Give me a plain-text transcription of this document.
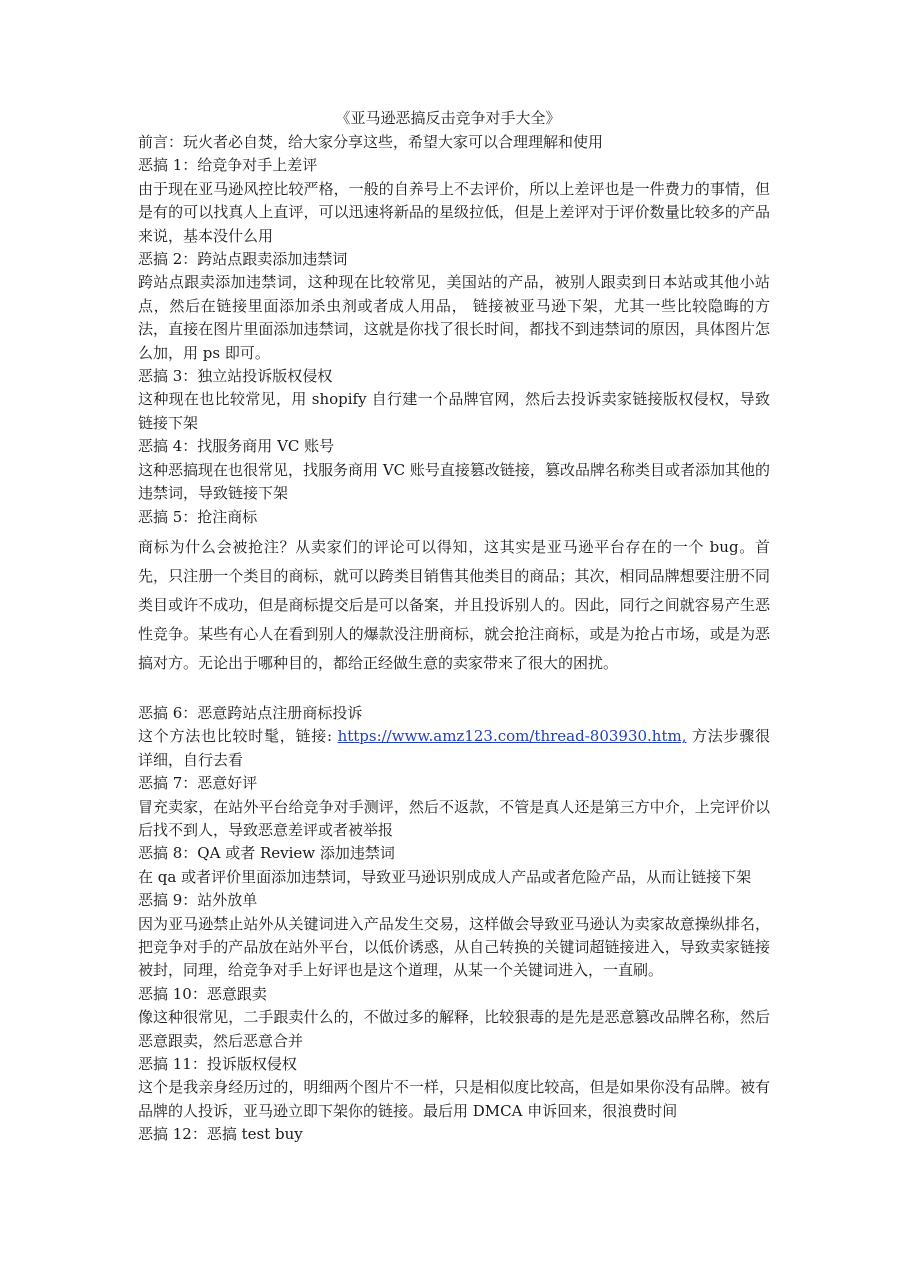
《亚马逊恶搞反击竞争对手大全》

前言：玩火者必自焚，给大家分享这些，希望大家可以合理理解和使用

恶搞 1：给竞争对手上差评

由于现在亚马逊风控比较严格，一般的自养号上不去评价，所以上差评也是一件费力的事情，但是有的可以找真人上直评，可以迅速将新品的星级拉低，但是上差评对于评价数量比较多的产品来说，基本没什么用

恶搞 2：跨站点跟卖添加违禁词

跨站点跟卖添加违禁词，这种现在比较常见，美国站的产品，被别人跟卖到日本站或其他小站点，然后在链接里面添加杀虫剂或者成人用品， 链接被亚马逊下架，尤其一些比较隐晦的方法，直接在图片里面添加违禁词，这就是你找了很长时间，都找不到违禁词的原因，具体图片怎么加，用 ps 即可。

恶搞 3：独立站投诉版权侵权

这种现在也比较常见，用 shopify 自行建一个品牌官网，然后去投诉卖家链接版权侵权，导致链接下架

恶搞 4：找服务商用 VC 账号

这种恶搞现在也很常见，找服务商用 VC 账号直接篡改链接，篡改品牌名称类目或者添加其他的违禁词，导致链接下架

恶搞 5：抢注商标

商标为什么会被抢注？从卖家们的评论可以得知，这其实是亚马逊平台存在的一个 bug。首先，只注册一个类目的商标，就可以跨类目销售其他类目的商品；其次，相同品牌想要注册不同类目或许不成功，但是商标提交后是可以备案，并且投诉别人的。因此，同行之间就容易产生恶性竞争。某些有心人在看到别人的爆款没注册商标，就会抢注商标，或是为抢占市场，或是为恶搞对方。无论出于哪种目的，都给正经做生意的卖家带来了很大的困扰。

恶搞 6：恶意跨站点注册商标投诉

这个方法也比较时髦，链接: https://www.amz123.com/thread-803930.htm, 方法步骤很详细，自行去看

恶搞 7：恶意好评

冒充卖家，在站外平台给竞争对手测评，然后不返款，不管是真人还是第三方中介，上完评价以后找不到人，导致恶意差评或者被举报

恶搞 8：QA 或者 Review 添加违禁词

在 qa 或者评价里面添加违禁词，导致亚马逊识别成成人产品或者危险产品，从而让链接下架

恶搞 9：站外放单

因为亚马逊禁止站外从关键词进入产品发生交易，这样做会导致亚马逊认为卖家故意操纵排名，把竞争对手的产品放在站外平台，以低价诱惑，从自己转换的关键词超链接进入，导致卖家链接被封，同理，给竞争对手上好评也是这个道理，从某一个关键词进入，一直刷。

恶搞 10：恶意跟卖

像这种很常见，二手跟卖什么的，不做过多的解释，比较狠毒的是先是恶意篡改品牌名称，然后恶意跟卖，然后恶意合并

恶搞 11：投诉版权侵权

这个是我亲身经历过的，明细两个图片不一样，只是相似度比较高，但是如果你没有品牌。被有品牌的人投诉，亚马逊立即下架你的链接。最后用 DMCA 申诉回来，很浪费时间

恶搞 12：恶搞 test buy
